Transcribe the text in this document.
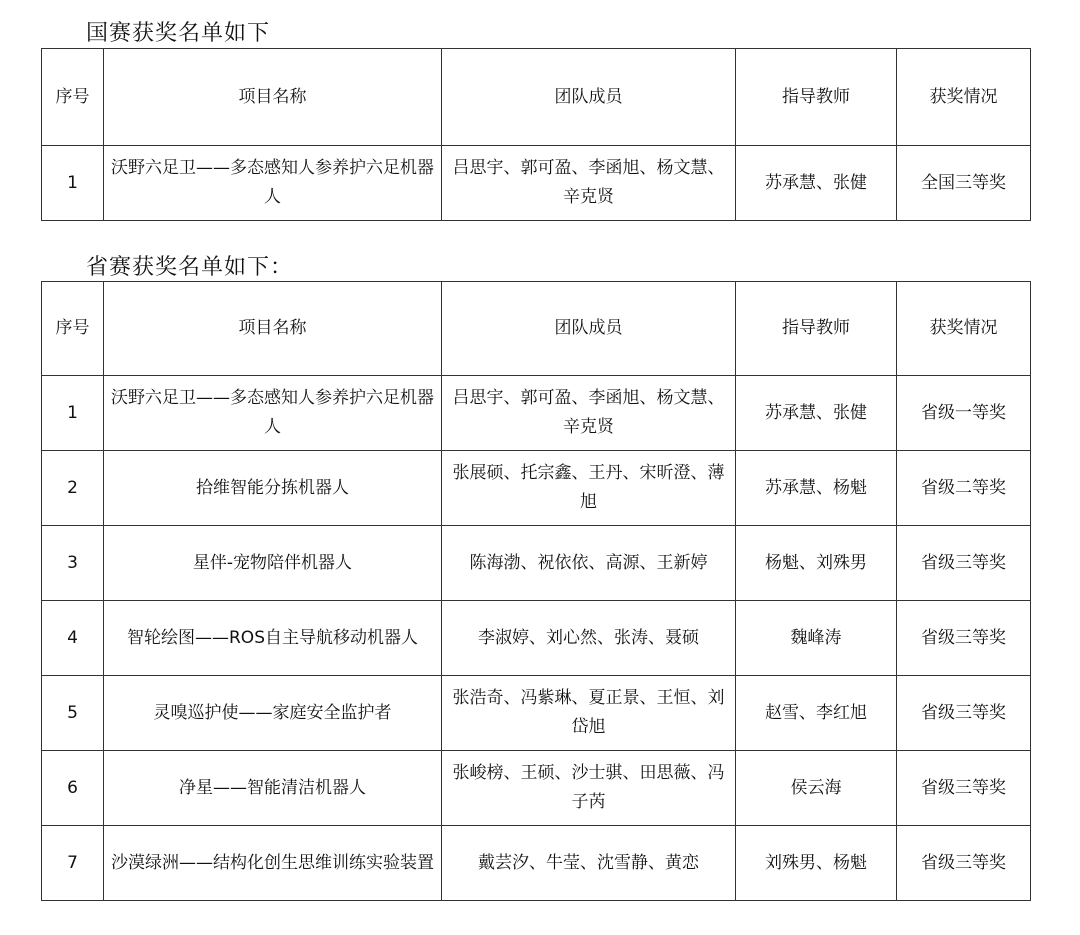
国赛获奖名单如下
序号	项目名称	团队成员	指导教师	获奖情况
1	沃野六足卫——多态感知人参养护六足机器人	吕思宇、郭可盈、李函旭、杨文慧、辛克贤	苏承慧、张健	全国三等奖
省赛获奖名单如下：
序号	项目名称	团队成员	指导教师	获奖情况
1	沃野六足卫——多态感知人参养护六足机器人	吕思宇、郭可盈、李函旭、杨文慧、辛克贤	苏承慧、张健	省级一等奖
2	拾维智能分拣机器人	张展硕、托宗鑫、王丹、宋昕澄、薄旭	苏承慧、杨魁	省级二等奖
3	星伴-宠物陪伴机器人	陈海渤、祝依依、高源、王新婷	杨魁、刘殊男	省级三等奖
4	智轮绘图——ROS自主导航移动机器人	李淑婷、刘心然、张涛、聂硕	魏峰涛	省级三等奖
5	灵嗅巡护使——家庭安全监护者	张浩奇、冯紫琳、夏正景、王恒、刘岱旭	赵雪、李红旭	省级三等奖
6	净星——智能清洁机器人	张峻榜、王硕、沙士骐、田思薇、冯子芮	侯云海	省级三等奖
7	沙漠绿洲——结构化创生思维训练实验装置	戴芸汐、牛莹、沈雪静、黄恋	刘殊男、杨魁	省级三等奖
